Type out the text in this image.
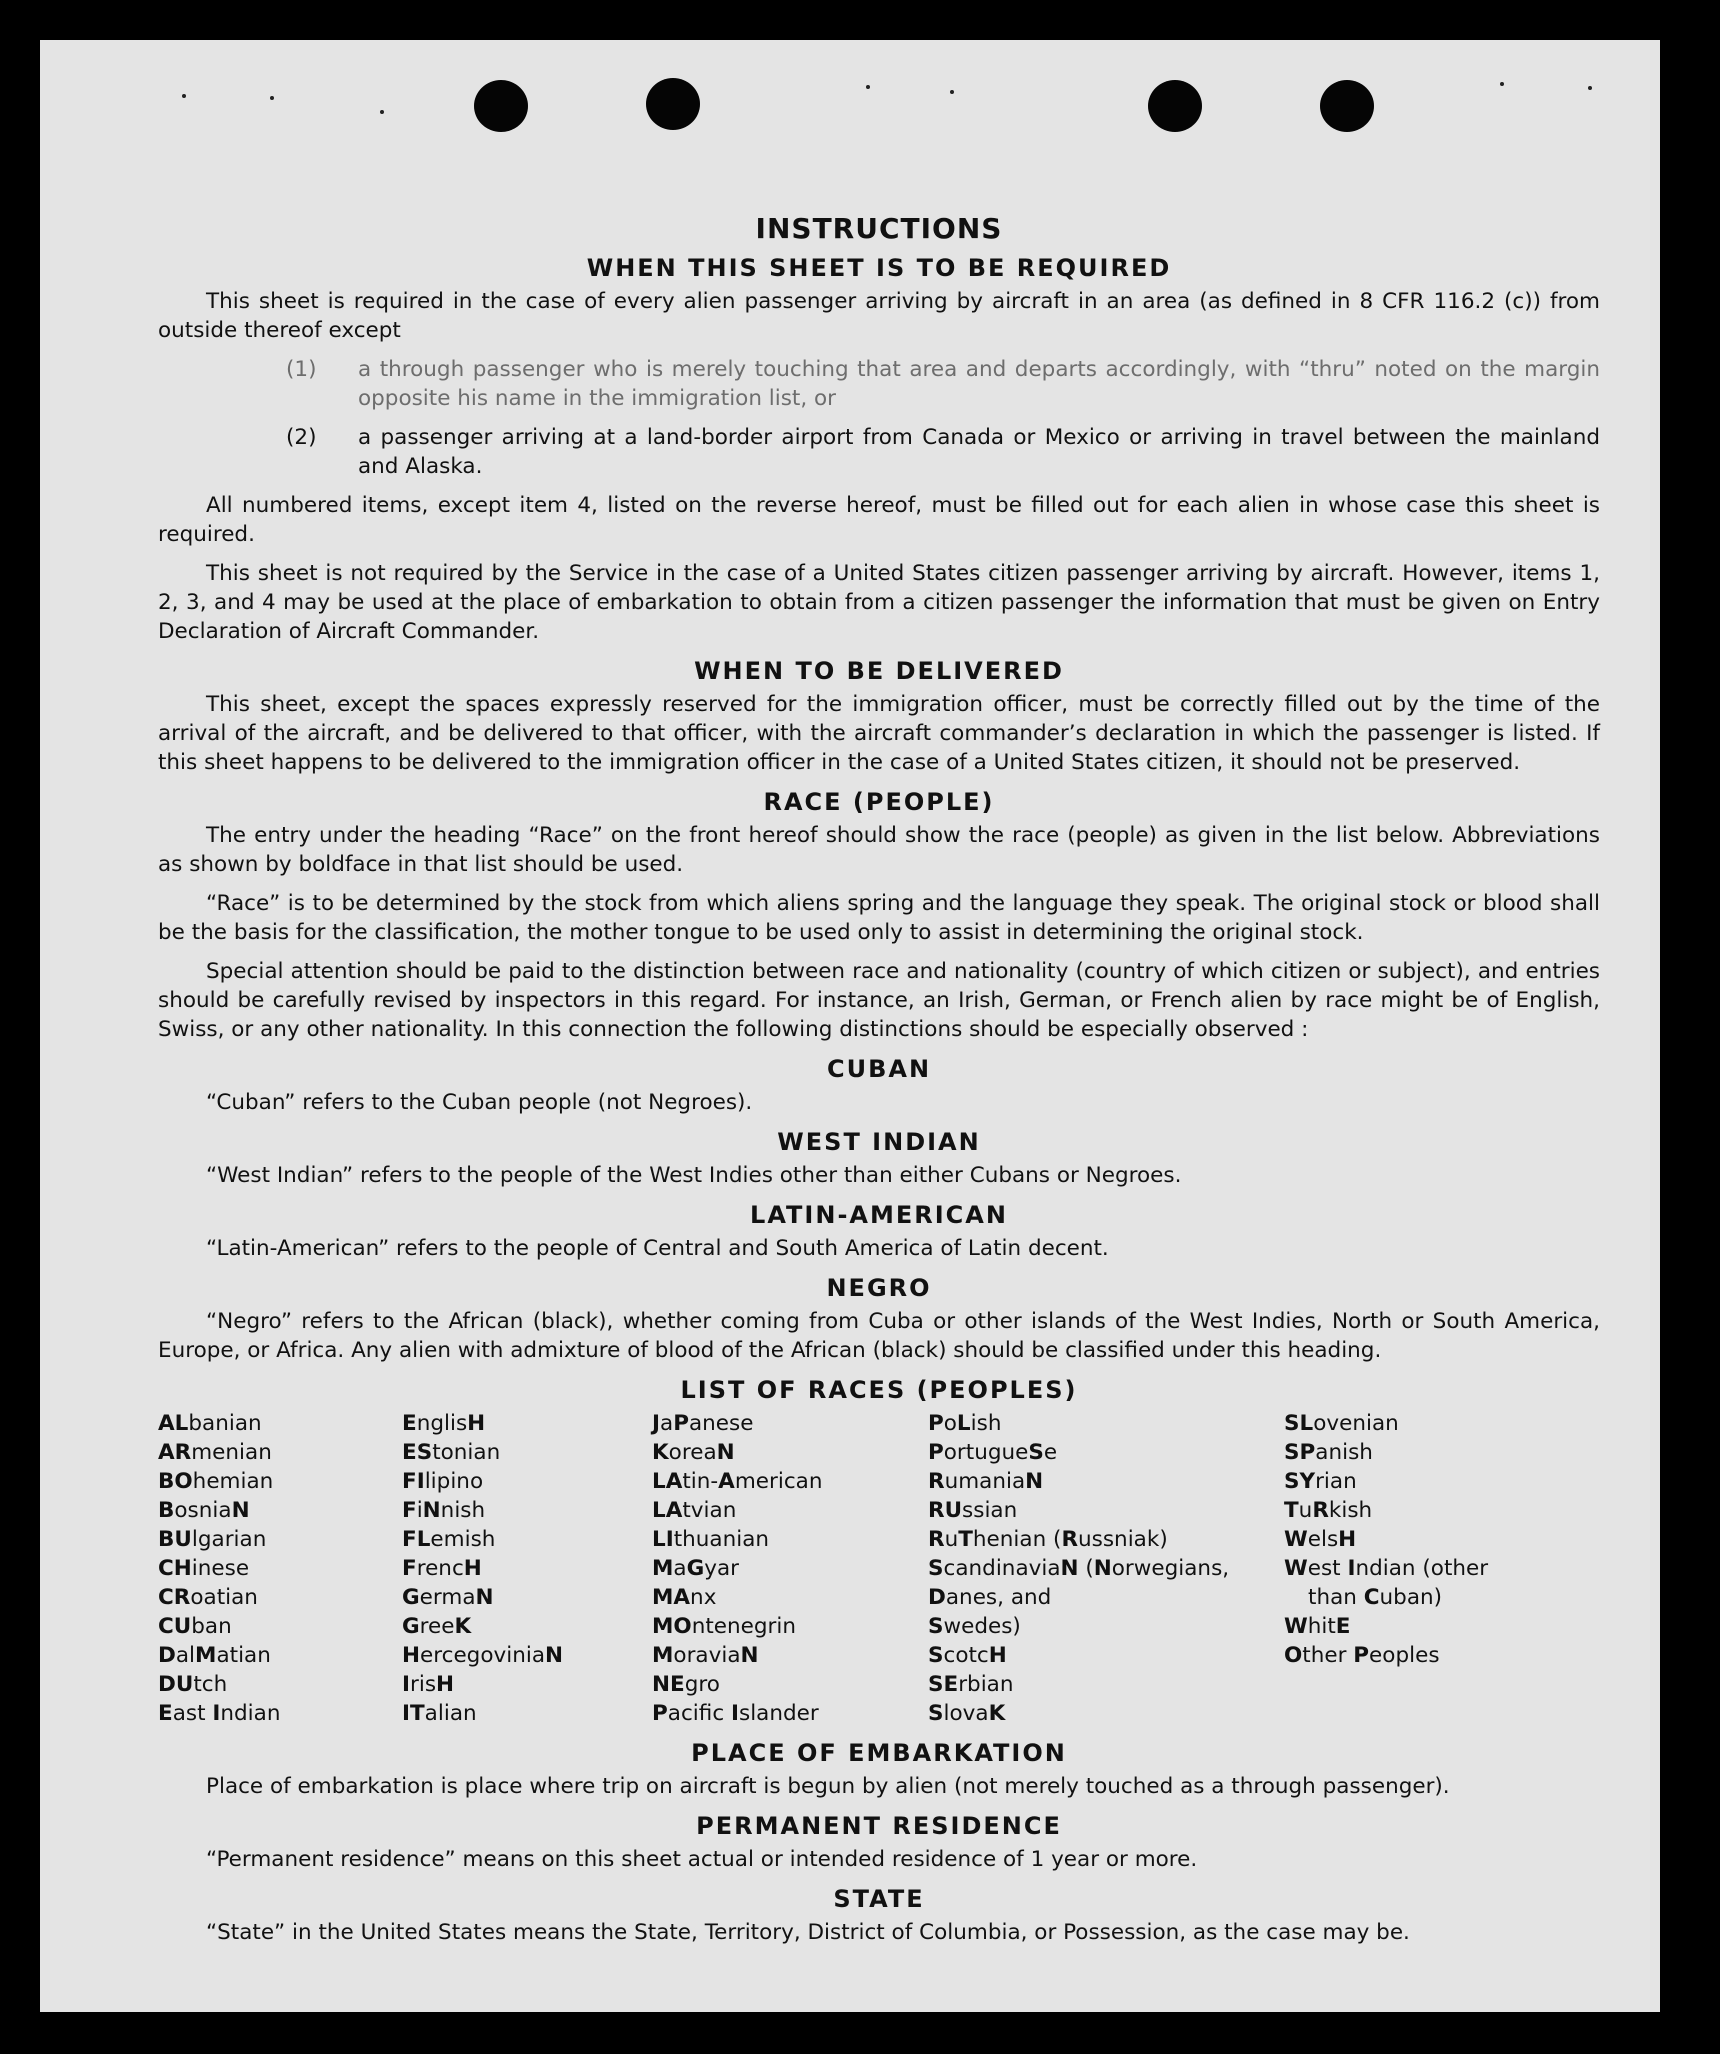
INSTRUCTIONS
WHEN THIS SHEET IS TO BE REQUIRED

This sheet is required in the case of every alien passenger arriving by aircraft in an area (as defined in 8 CFR 116.2 (c)) from outside thereof except

(1)	a through passenger who is merely touching that area and departs accordingly, with “thru” noted on the margin opposite his name in the immigration list, or
(2)	a passenger arriving at a land-border airport from Canada or Mexico or arriving in travel between the mainland and Alaska.

All numbered items, except item 4, listed on the reverse hereof, must be filled out for each alien in whose case this sheet is required.

This sheet is not required by the Service in the case of a United States citizen passenger arriving by aircraft. However, items 1, 2, 3, and 4 may be used at the place of embarkation to obtain from a citizen passenger the information that must be given on Entry Declaration of Aircraft Commander.

WHEN TO BE DELIVERED

This sheet, except the spaces expressly reserved for the immigration officer, must be correctly filled out by the time of the arrival of the aircraft, and be delivered to that officer, with the aircraft commander’s declaration in which the passenger is listed. If this sheet happens to be delivered to the immigration officer in the case of a United States citizen, it should not be preserved.

RACE (PEOPLE)

The entry under the heading “Race” on the front hereof should show the race (people) as given in the list below. Abbreviations as shown by boldface in that list should be used.

“Race” is to be determined by the stock from which aliens spring and the language they speak. The original stock or blood shall be the basis for the classification, the mother tongue to be used only to assist in determining the original stock.

Special attention should be paid to the distinction between race and nationality (country of which citizen or subject), and entries should be carefully revised by inspectors in this regard. For instance, an Irish, German, or French alien by race might be of English, Swiss, or any other nationality. In this connection the following distinctions should be especially observed :

CUBAN

“Cuban” refers to the Cuban people (not Negroes).

WEST INDIAN

“West Indian” refers to the people of the West Indies other than either Cubans or Negroes.

LATIN-AMERICAN

“Latin-American” refers to the people of Central and South America of Latin decent.

NEGRO

“Negro” refers to the African (black), whether coming from Cuba or other islands of the West Indies, North or South America, Europe, or Africa. Any alien with admixture of blood of the African (black) should be classified under this heading.

LIST OF RACES (PEOPLES)
ALbanian
ARmenian
BOhemian
BosniaN
BUlgarian
CHinese
CRoatian
CUban
DalMatian
DUtch
East Indian
EnglisH
EStonian
FIlipino
FiNnish
FLemish
FrencH
GermaN
GreeK
HercegoviniaN
IrisH
ITalian
JaPanese
KoreaN
LAtin-American
LAtvian
LIthuanian
MaGyar
MAnx
MOntenegrin
MoraviaN
NEgro
Pacifc Islander
PoLish
PortugueSe
RumaniaN
RUssian
RuThenian (Russniak)
ScandinaviaN (Norwegians,
Danes, and
Swedes)
ScotcH
SErbian
SlovaK
SLovenian
SPanish
SYrian
TuRkish
WelsH
West Indian (other
than Cuban)
WhitE
Other Peoples
PLACE OF EMBARKATION

Place of embarkation is place where trip on aircraft is begun by alien (not merely touched as a through passenger).

PERMANENT RESIDENCE

“Permanent residence” means on this sheet actual or intended residence of 1 year or more.

STATE

“State” in the United States means the State, Territory, District of Columbia, or Possession, as the case may be.
